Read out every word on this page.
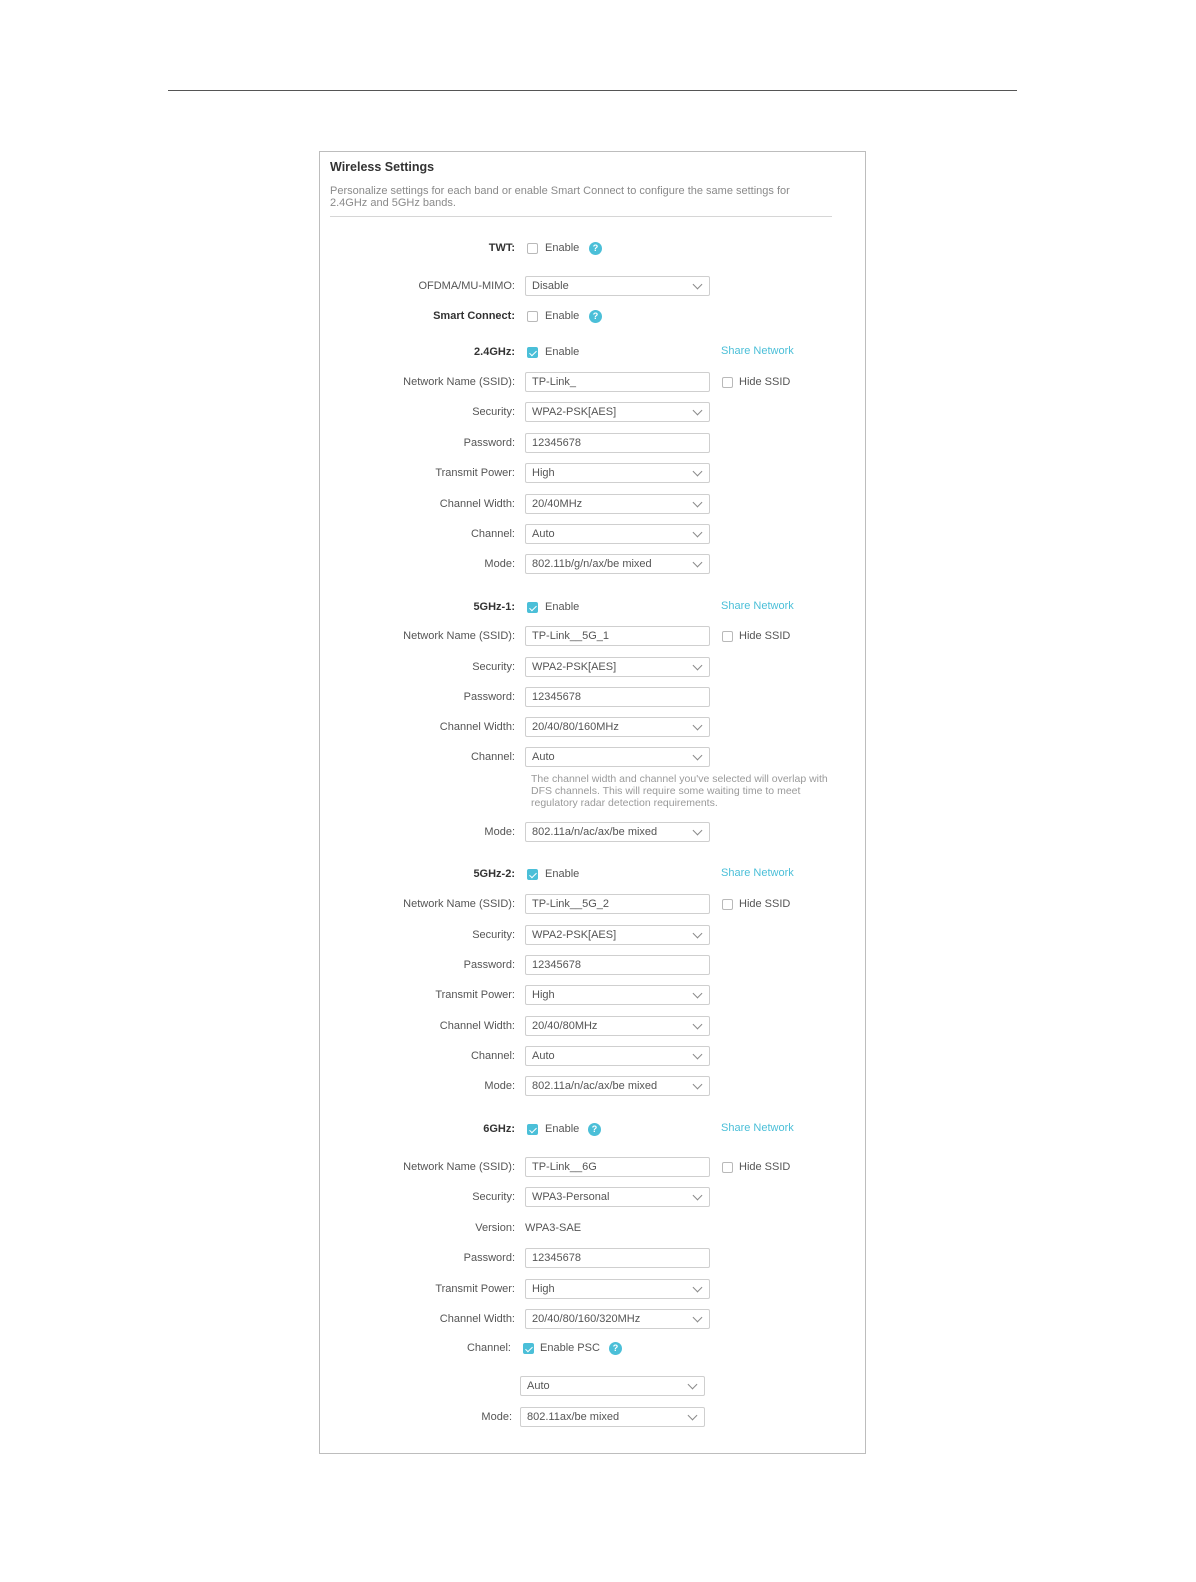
Wireless Settings
Personalize settings for each band or enable Smart Connect to configure the same settings for 2.4GHz and 5GHz bands.
TWT:	Enable	?
OFDMA/MU-MIMO:	Disable
Smart Connect:	Enable	?
2.4GHz:	Enable	Share Network
Network Name (SSID):	TP-Link_	Hide SSID
Security:	WPA2-PSK[AES]
Password:	12345678
Transmit Power:	High
Channel Width:	20/40MHz
Channel:	Auto
Mode:	802.11b/g/n/ax/be mixed
5GHz-1:	Enable	Share Network
Network Name (SSID):	TP-Link__5G_1	Hide SSID
Security:	WPA2-PSK[AES]
Password:	12345678
Channel Width:	20/40/80/160MHz
Channel:	Auto
The channel width and channel you've selected will overlap with DFS channels. This will require some waiting time to meet regulatory radar detection requirements.
Mode:	802.11a/n/ac/ax/be mixed
5GHz-2:	Enable	Share Network
Network Name (SSID):	TP-Link__5G_2	Hide SSID
Security:	WPA2-PSK[AES]
Password:	12345678
Transmit Power:	High
Channel Width:	20/40/80MHz
Channel:	Auto
Mode:	802.11a/n/ac/ax/be mixed
6GHz:	Enable	?	Share Network
Network Name (SSID):	TP-Link__6G	Hide SSID
Security:	WPA3-Personal
Version: WPA3-SAE
Password:	12345678
Transmit Power:	High
Channel Width:	20/40/80/160/320MHz
Channel:	Enable PSC	?
Auto
Mode:	802.11ax/be mixed
